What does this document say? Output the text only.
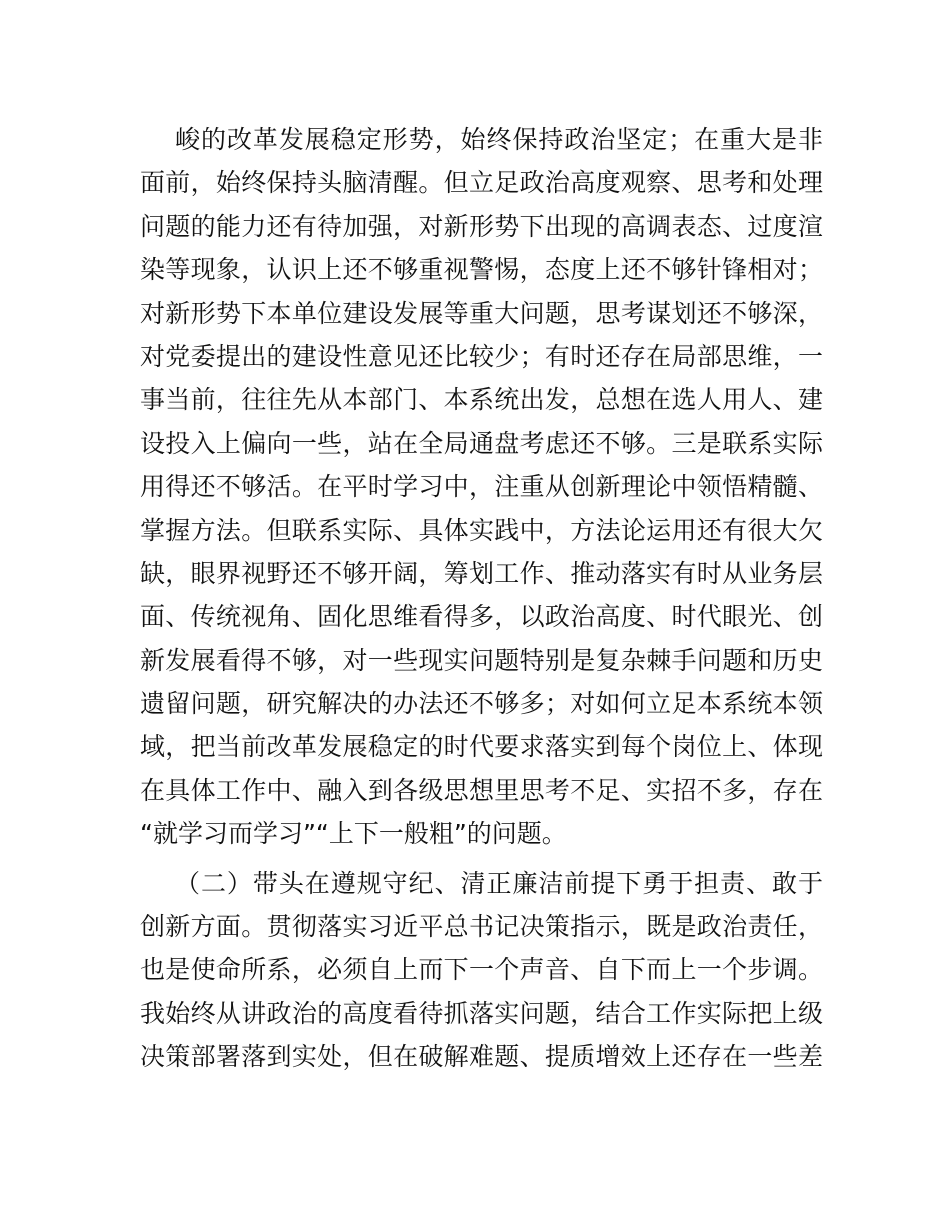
峻的改革发展稳定形势，始终保持政治坚定；在重大是非
面前，始终保持头脑清醒。但立足政治高度观察、思考和处理
问题的能力还有待加强，对新形势下出现的高调表态、过度渲
染等现象，认识上还不够重视警惕，态度上还不够针锋相对；
对新形势下本单位建设发展等重大问题，思考谋划还不够深，
对党委提出的建设性意见还比较少；有时还存在局部思维，一
事当前，往往先从本部门、本系统出发，总想在选人用人、建
设投入上偏向一些，站在全局通盘考虑还不够。三是联系实际
用得还不够活。在平时学习中，注重从创新理论中领悟精髓、
掌握方法。但联系实际、具体实践中，方法论运用还有很大欠
缺，眼界视野还不够开阔，筹划工作、推动落实有时从业务层
面、传统视角、固化思维看得多，以政治高度、时代眼光、创
新发展看得不够，对一些现实问题特别是复杂棘手问题和历史
遗留问题，研究解决的办法还不够多；对如何立足本系统本领
域，把当前改革发展稳定的时代要求落实到每个岗位上、体现
在具体工作中、融入到各级思想里思考不足、实招不多，存在
“就学习而学习”“上下一般粗”的问题。
（二）带头在遵规守纪、清正廉洁前提下勇于担责、敢于
创新方面。贯彻落实习近平总书记决策指示，既是政治责任，
也是使命所系，必须自上而下一个声音、自下而上一个步调。
我始终从讲政治的高度看待抓落实问题，结合工作实际把上级
决策部署落到实处，但在破解难题、提质增效上还存在一些差
